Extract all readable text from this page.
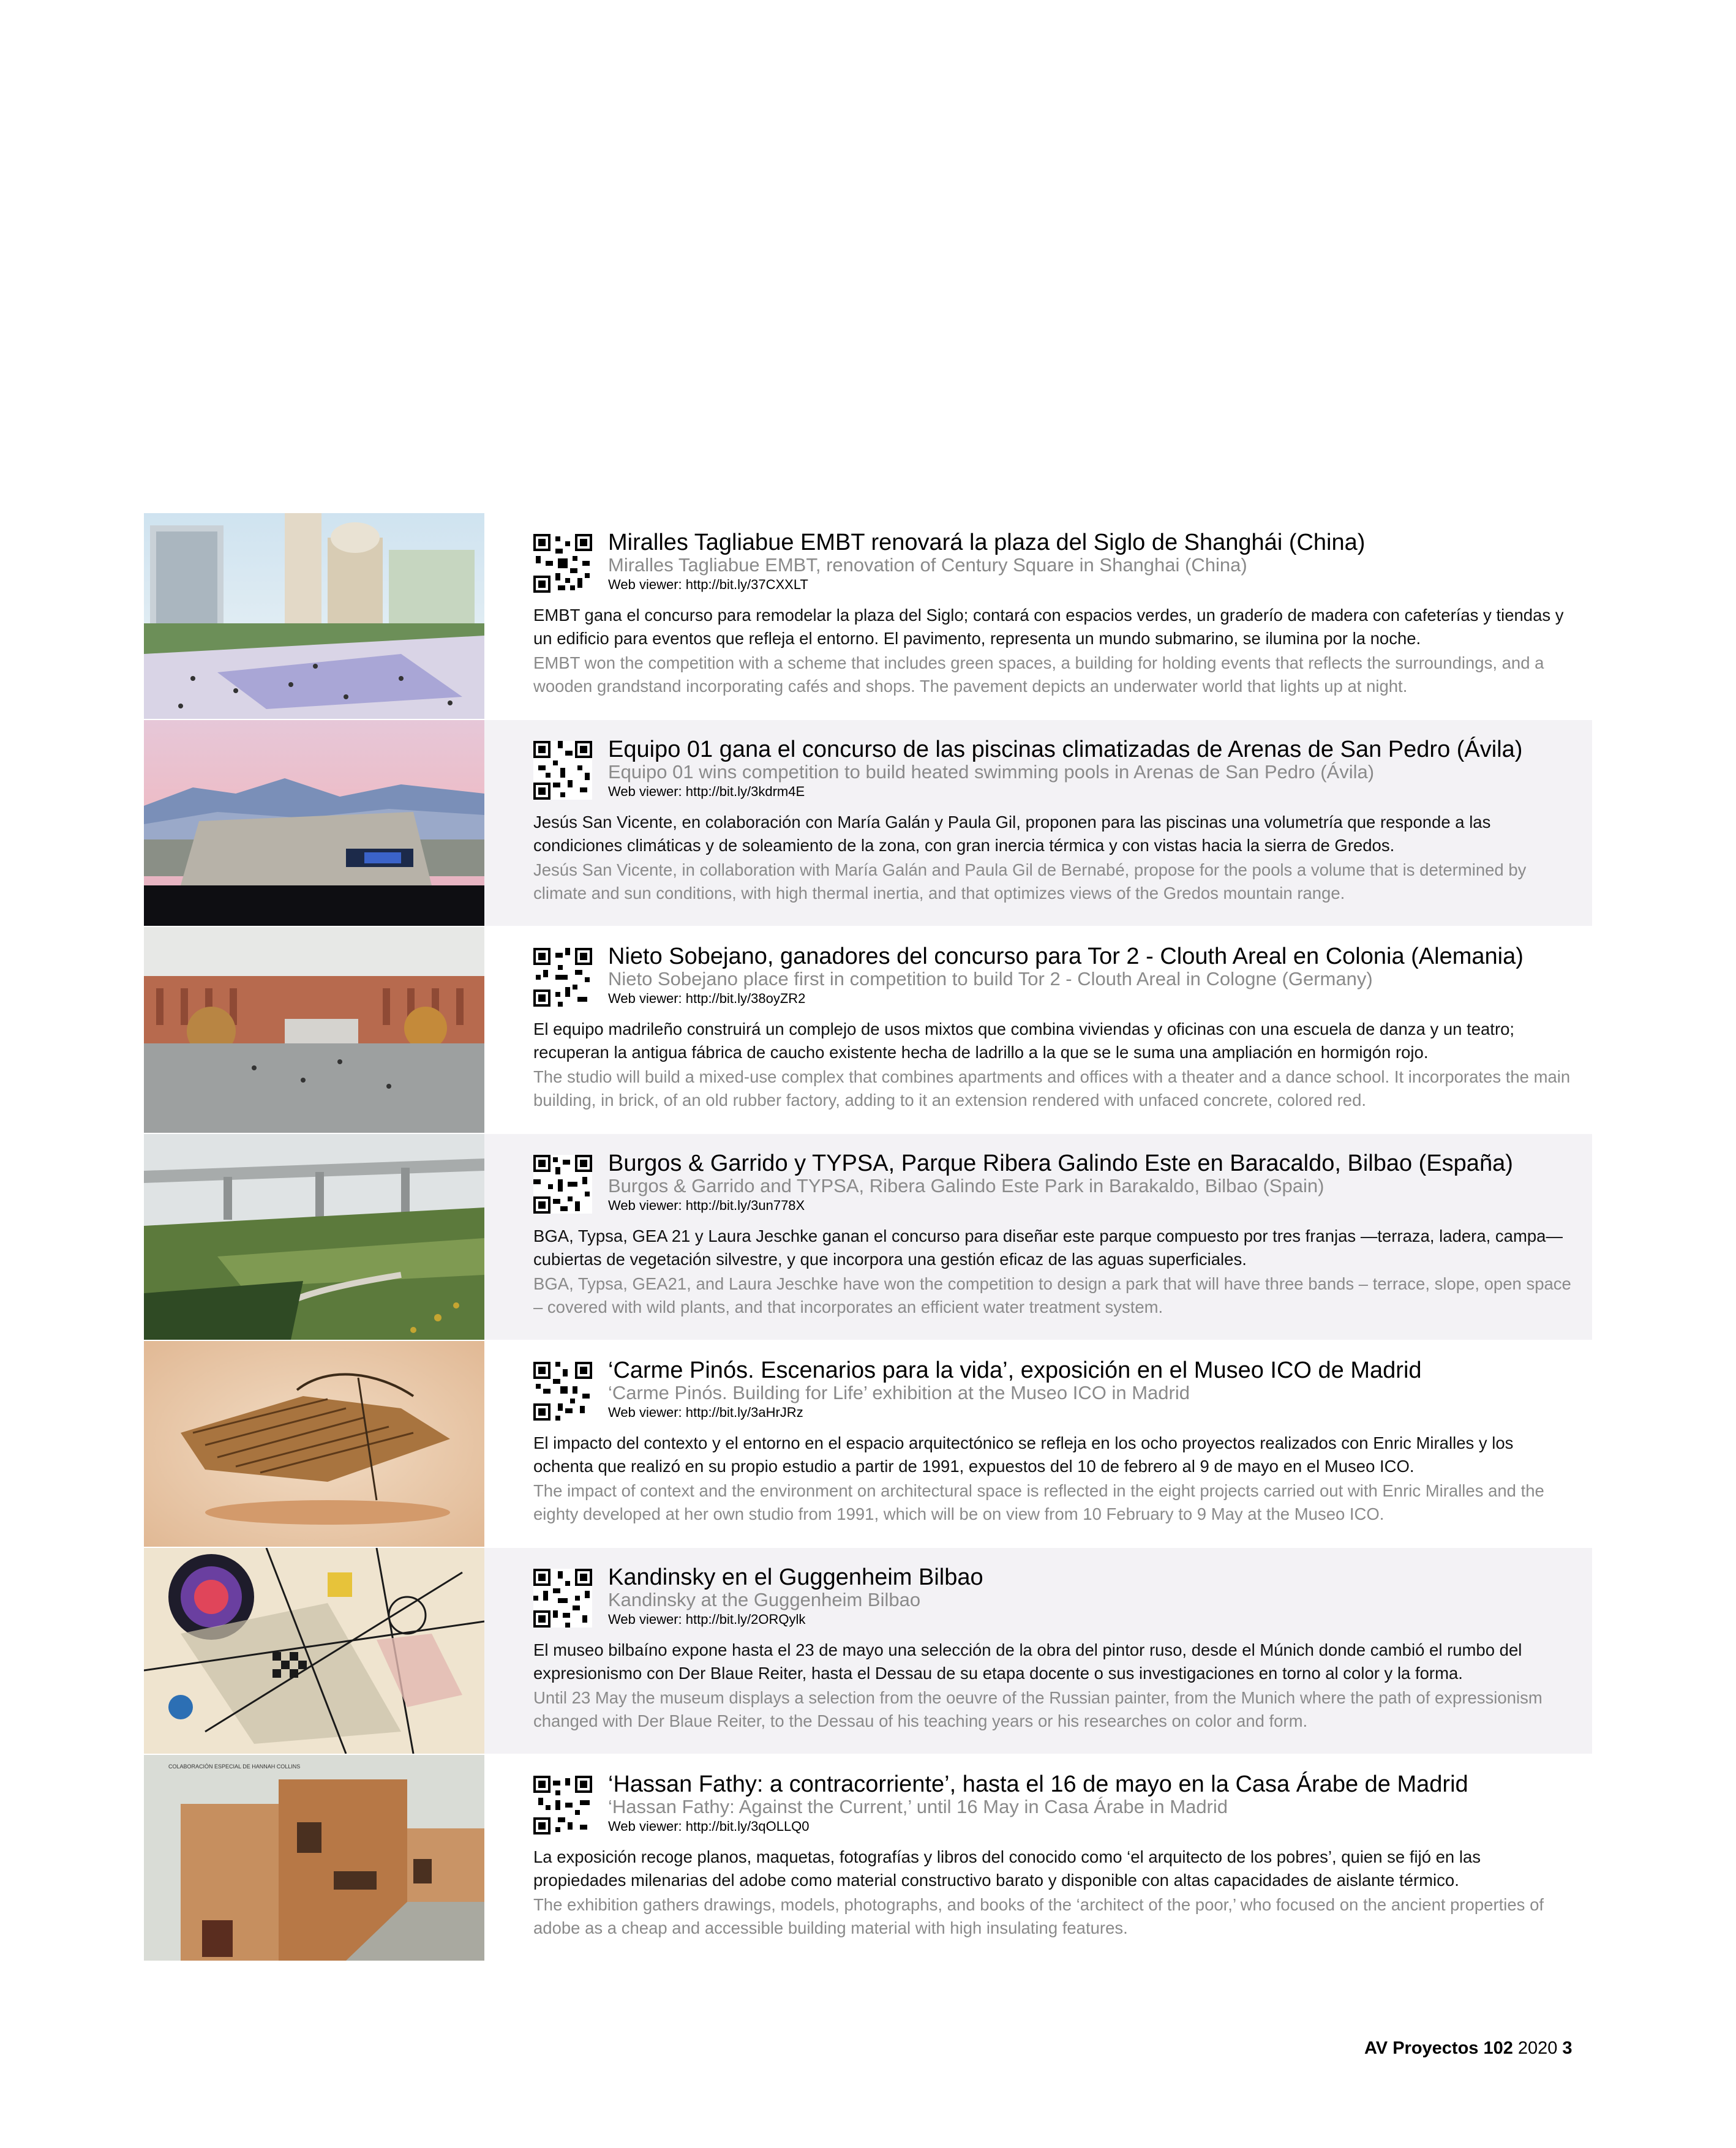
Miralles Tagliabue EMBT renovará la plaza del Siglo de Shanghái (China)
Miralles Tagliabue EMBT, renovation of Century Square in Shanghai (China)
Web viewer: http://bit.ly/37CXXLT
EMBT gana el concurso para remodelar la plaza del Siglo; contará con espacios verdes, un graderío de madera con cafeterías y tiendas y un edificio para eventos que refleja el entorno. El pavimento, representa un mundo submarino, se ilumina por la noche.
EMBT won the competition with a scheme that includes green spaces, a building for holding events that reflects the surroundings, and a wooden grandstand incorporating cafés and shops. The pavement depicts an underwater world that lights up at night.
Equipo 01 gana el concurso de las piscinas climatizadas de Arenas de San Pedro (Ávila)
Equipo 01 wins competition to build heated swimming pools in Arenas de San Pedro (Ávila)
Web viewer: http://bit.ly/3kdrm4E
Jesús San Vicente, en colaboración con María Galán y Paula Gil, proponen para las piscinas una volumetría que responde a las condiciones climáticas y de soleamiento de la zona, con gran inercia térmica y con vistas hacia la sierra de Gredos.
Jesús San Vicente, in collaboration with María Galán and Paula Gil de Bernabé, propose for the pools a volume that is determined by climate and sun conditions, with high thermal inertia, and that optimizes views of the Gredos mountain range.
Nieto Sobejano, ganadores del concurso para Tor 2 - Clouth Areal en Colonia (Alemania)
Nieto Sobejano place first in competition to build Tor 2 - Clouth Areal in Cologne (Germany)
Web viewer: http://bit.ly/38oyZR2
El equipo madrileño construirá un complejo de usos mixtos que combina viviendas y oficinas con una escuela de danza y un teatro; recuperan la antigua fábrica de caucho existente hecha de ladrillo a la que se le suma una ampliación en hormigón rojo.
The studio will build a mixed-use complex that combines apartments and offices with a theater and a dance school. It incorporates the main building, in brick, of an old rubber factory, adding to it an extension rendered with unfaced concrete, colored red.
Burgos & Garrido y TYPSA, Parque Ribera Galindo Este en Baracaldo, Bilbao (España)
Burgos & Garrido and TYPSA, Ribera Galindo Este Park in Barakaldo, Bilbao (Spain)
Web viewer: http://bit.ly/3un778X
BGA, Typsa, GEA 21 y Laura Jeschke ganan el concurso para diseñar este parque compuesto por tres franjas —terraza, ladera, campa— cubiertas de vegetación silvestre, y que incorpora una gestión eficaz de las aguas superficiales.
BGA, Typsa, GEA21, and Laura Jeschke have won the competition to design a park that will have three bands – terrace, slope, open space – covered with wild plants, and that incorporates an efficient water treatment system.
‘Carme Pinós. Escenarios para la vida’, exposición en el Museo ICO de Madrid
‘Carme Pinós. Building for Life’ exhibition at the Museo ICO in Madrid
Web viewer: http://bit.ly/3aHrJRz
El impacto del contexto y el entorno en el espacio arquitectónico se refleja en los ocho proyectos realizados con Enric Miralles y los ochenta que realizó en su propio estudio a partir de 1991, expuestos del 10 de febrero al 9 de mayo en el Museo ICO.
The impact of context and the environment on architectural space is reflected in the eight projects carried out with Enric Miralles and the eighty developed at her own studio from 1991, which will be on view from 10 February to 9 May at the Museo ICO.
Kandinsky en el Guggenheim Bilbao
Kandinsky at the Guggenheim Bilbao
Web viewer: http://bit.ly/2ORQylk
El museo bilbaíno expone hasta el 23 de mayo una selección de la obra del pintor ruso, desde el Múnich donde cambió el rumbo del expresionismo con Der Blaue Reiter, hasta el Dessau de su etapa docente o sus investigaciones en torno al color y la forma.
Until 23 May the museum displays a selection from the oeuvre of the Russian painter, from the Munich where the path of expressionism changed with Der Blaue Reiter, to the Dessau of his teaching years or his researches on color and form.
COLABORACIÓN ESPECIAL DE HANNAH COLLINS
‘Hassan Fathy: a contracorriente’, hasta el 16 de mayo en la Casa Árabe de Madrid
‘Hassan Fathy: Against the Current,’ until 16 May in Casa Árabe in Madrid
Web viewer: http://bit.ly/3qOLLQ0
La exposición recoge planos, maquetas, fotografías y libros del conocido como ‘el arquitecto de los pobres’, quien se fijó en las propiedades milenarias del adobe como material constructivo barato y disponible con altas capacidades de aislante térmico.
The exhibition gathers drawings, models, photographs, and books of the ‘architect of the poor,’ who focused on the ancient properties of adobe as a cheap and accessible building material with high insulating features.
AV Proyectos 102 2020 3
